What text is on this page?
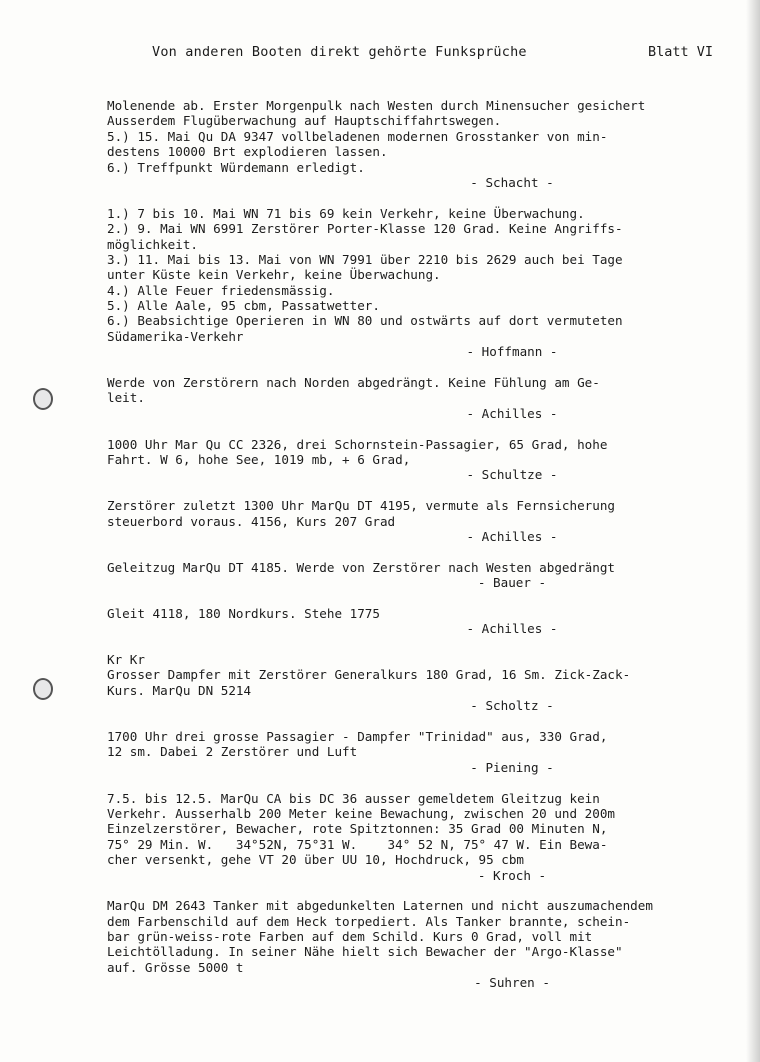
Von anderen Booten direkt gehörte Funksprüche	Blatt VI
Molenende ab. Erster Morgenpulk nach Westen durch Minensucher gesichert
Ausserdem Flugüberwachung auf Hauptschiffahrtswegen.
5.) 15. Mai Qu DA 9347 vollbeladenen modernen Grosstanker von min-
destens 10000 Brt explodieren lassen.
6.) Treffpunkt Würdemann erledigt.
- Schacht -
1.) 7 bis 10. Mai WN 71 bis 69 kein Verkehr, keine Überwachung.
2.) 9. Mai WN 6991 Zerstörer Porter-Klasse 120 Grad. Keine Angriffs-
möglichkeit.
3.) 11. Mai bis 13. Mai von WN 7991 über 2210 bis 2629 auch bei Tage
unter Küste kein Verkehr, keine Überwachung.
4.) Alle Feuer friedensmässig.
5.) Alle Aale, 95 cbm, Passatwetter.
6.) Beabsichtige Operieren in WN 80 und ostwärts auf dort vermuteten
Südamerika-Verkehr
- Hoffmann -
Werde von Zerstörern nach Norden abgedrängt. Keine Fühlung am Ge-
leit.
- Achilles -
1000 Uhr Mar Qu CC 2326, drei Schornstein-Passagier, 65 Grad, hohe
Fahrt. W 6, hohe See, 1019 mb, + 6 Grad,
- Schultze -
Zerstörer zuletzt 1300 Uhr MarQu DT 4195, vermute als Fernsicherung
steuerbord voraus. 4156, Kurs 207 Grad
- Achilles -
Geleitzug MarQu DT 4185. Werde von Zerstörer nach Westen abgedrängt
- Bauer -
Gleit 4118, 180 Nordkurs. Stehe 1775
- Achilles -
Kr Kr
Grosser Dampfer mit Zerstörer Generalkurs 180 Grad, 16 Sm. Zick-Zack-
Kurs. MarQu DN 5214
- Scholtz -
1700 Uhr drei grosse Passagier - Dampfer "Trinidad" aus, 330 Grad,
12 sm. Dabei 2 Zerstörer und Luft
- Piening -
7.5. bis 12.5. MarQu CA bis DC 36 ausser gemeldetem Gleitzug kein
Verkehr. Ausserhalb 200 Meter keine Bewachung, zwischen 20 und 200m
Einzelzerstörer, Bewacher, rote Spitztonnen: 35 Grad 00 Minuten N,
75° 29 Min. W.   34°52N, 75°31 W.    34° 52 N, 75° 47 W. Ein Bewa-
cher versenkt, gehe VT 20 über UU 10, Hochdruck, 95 cbm
- Kroch -
MarQu DM 2643 Tanker mit abgedunkelten Laternen und nicht auszumachendem
dem Farbenschild auf dem Heck torpediert. Als Tanker brannte, schein-
bar grün-weiss-rote Farben auf dem Schild. Kurs 0 Grad, voll mit
Leichtölladung. In seiner Nähe hielt sich Bewacher der "Argo-Klasse"
auf. Grösse 5000 t
- Suhren -
